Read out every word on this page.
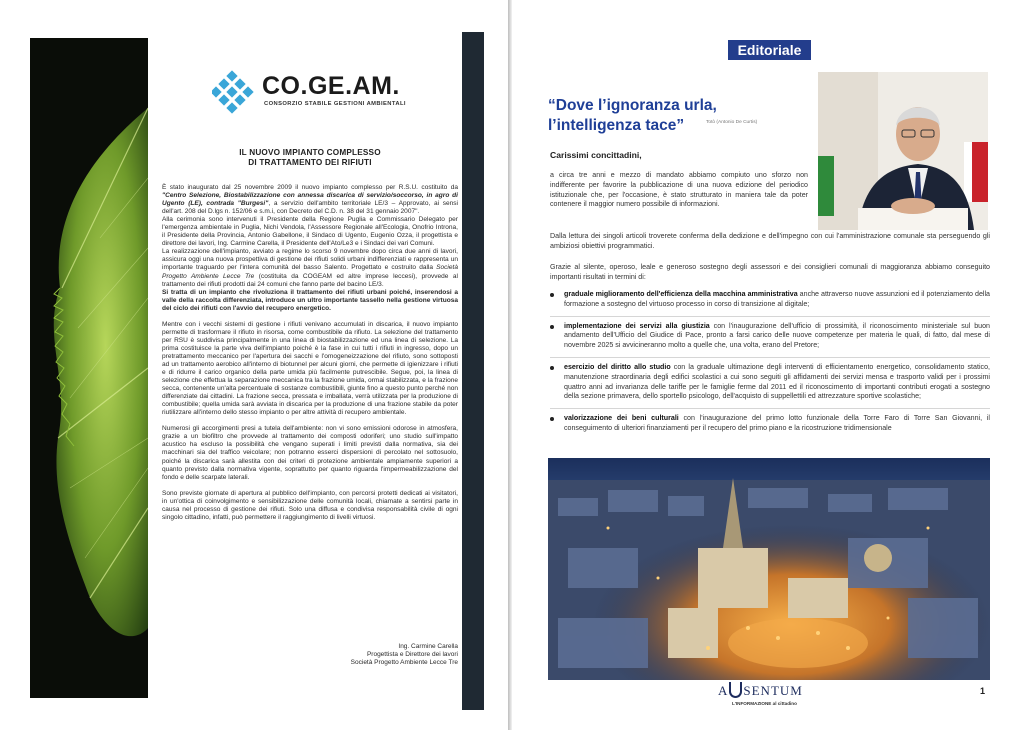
CO.GE.AM.
CONSORZIO STABILE GESTIONI AMBIENTALI
IL NUOVO IMPIANTO COMPLESSO
DI TRATTAMENTO DEI RIFIUTI

È stato inaugurato dal 25 novembre 2009 il nuovo impianto complesso per R.S.U. costituito da "Centro Selezione, Biostabilizzazione con annessa discarica di servizio/soccorso, in agro di Ugento (LE), contrada "Burgesi", a servizio dell'ambito territoriale LE/3 – Approvato, ai sensi dell'art. 208 del D.lgs n. 152/06 e s.m.i, con Decreto del C.D. n. 38 del 31 gennaio 2007".

Alla cerimonia sono intervenuti il Presidente della Regione Puglia e Commissario Delegato per l'emergenza ambientale in Puglia, Nichi Vendola, l'Assessore Regionale all'Ecologia, Onofrio Introna, il Presidente della Provincia, Antonio Gabellone, il Sindaco di Ugento, Eugenio Ozza, il progettista e direttore dei lavori, Ing. Carmine Carella, il Presidente dell'Ato/Le3 e i Sindaci dei vari Comuni.

La realizzazione dell'impianto, avviato a regime lo scorso 9 novembre dopo circa due anni di lavori, assicura oggi una nuova prospettiva di gestione dei rifiuti solidi urbani indifferenziati e rappresenta un importante traguardo per l'intera comunità del basso Salento. Progettato e costruito dalla Società Progetto Ambiente Lecce Tre (costituita da COGEAM ed altre imprese leccesi), provvede al trattamento dei rifiuti prodotti dai 24 comuni che fanno parte del bacino LE/3.

Si tratta di un impianto che rivoluziona il trattamento dei rifiuti urbani poiché, inserendosi a valle della raccolta differenziata, introduce un ultro importante tassello nella gestione virtuosa del ciclo dei rifiuti con l'avvio del recupero energetico.

Mentre con i vecchi sistemi di gestione i rifiuti venivano accumulati in discarica, il nuovo impianto permette di trasformare il rifiuto in risorsa, come combustibile da rifiuto. La selezione del trattamento per RSU è suddivisa principalmente in una linea di biostabilizzazione ed una linea di selezione. La prima costituisce la parte viva dell'impianto poiché è la fase in cui tutti i rifiuti in ingresso, dopo un pretrattamento meccanico per l'apertura dei sacchi e l'omogeneizzazione del rifiuto, sono sottoposti ad un trattamento aerobico all'interno di biotunnel per alcuni giorni, che permette di igienizzare i rifiuti e di ridurre il carico organico della parte umida più facilmente putrescibile. Segue, poi, la linea di selezione che effettua la separazione meccanica tra la frazione umida, ormai stabilizzata, e la frazione secca, contenente un'alta percentuale di sostanze combustibili, giunte fino a questo punto perché non differenziate dai cittadini. La frazione secca, pressata e imballata, verrà utilizzata per la produzione di combustibile; quella umida sarà avviata in discarica per la produzione di una frazione stabile da poter riutilizzare all'interno dello stesso impianto o per altre attività di recupero ambientale.

Numerosi gli accorgimenti presi a tutela dell'ambiente: non vi sono emissioni odorose in atmosfera, grazie a un biofiltro che provvede al trattamento dei composti odoriferi; uno studio sull'impatto acustico ha escluso la possibilità che vengano superati i limiti previsti dalla normativa, sia dei macchinari sia del traffico veicolare; non potranno esserci dispersioni di percolato nel sottosuolo, poiché la discarica sarà allestita con dei criteri di protezione ambientale ampiamente superiori a quanto previsto dalla normativa vigente, soprattutto per quanto riguarda l'impermeabilizzazione del fondo e delle scarpate laterali.

Sono previste giornate di apertura al pubblico dell'impianto, con percorsi protetti dedicati ai visitatori, in un'ottica di coinvolgimento e sensibilizzazione delle comunità locali, chiamate a sentirsi parte in causa nel processo di gestione dei rifiuti. Solo una diffusa e condivisa responsabilità civile di ogni singolo cittadino, infatti, può permettere il raggiungimento di livelli virtuosi.

Ing. Carmine Carella
Progettista e Direttore dei lavori
Società Progetto Ambiente Lecce Tre
Editoriale
“Dove l’ignoranza urla,
l’intelligenza tace”	Totò (Antonio De Curtis)
Carissimi concittadini,
a circa tre anni e mezzo di mandato abbiamo compiuto uno sforzo non indifferente per favorire la pubblicazione di una nuova edizione del periodico istituzionale che, per l'occasione, è stato strutturato in maniera tale da poter contenere il maggior numero possibile di informazioni.
Dalla lettura dei singoli articoli troverete conferma della dedizione e dell'impegno con cui l'amministrazione comunale sta perseguendo gli ambiziosi obiettivi programmatici.
Grazie al silente, operoso, leale e generoso sostegno degli assessori e dei consiglieri comunali di maggioranza abbiamo conseguito importanti risultati in termini di:
graduale miglioramento dell'efficienza della macchina amministrativa anche attraverso nuove assunzioni ed il potenziamento della formazione a sostegno del virtuoso processo in corso di transizione al digitale;
implementazione dei servizi alla giustizia con l'inaugurazione dell'ufficio di prossimità, il riconoscimento ministeriale sul buon andamento dell'Ufficio del Giudice di Pace, pronto a farsi carico delle nuove competenze per materia le quali, di fatto, dal mese di novembre 2025 si avvicineranno molto a quelle che, una volta, erano del Pretore;
esercizio del diritto allo studio con la graduale ultimazione degli interventi di efficientamento energetico, consolidamento statico, manutenzione straordinaria degli edifici scolastici a cui sono seguiti gli affidamenti dei servizi mensa e trasporto validi per i prossimi quattro anni ad invarianza delle tariffe per le famiglie ferme dal 2011 ed il riconoscimento di importanti contributi erogati a sostegno della sezione primavera, dello sportello psicologo, dell'acquisto di suppellettili ed attrezzature sportive scolastiche;
valorizzazione dei beni culturali con l'inaugurazione del primo lotto funzionale della Torre Faro di Torre San Giovanni, il conseguimento di ulteriori finanziamenti per il recupero del primo piano e la ricostruzione tridimensionale
A SENTUM
L'INFORMAZIONE al cittadino
1
